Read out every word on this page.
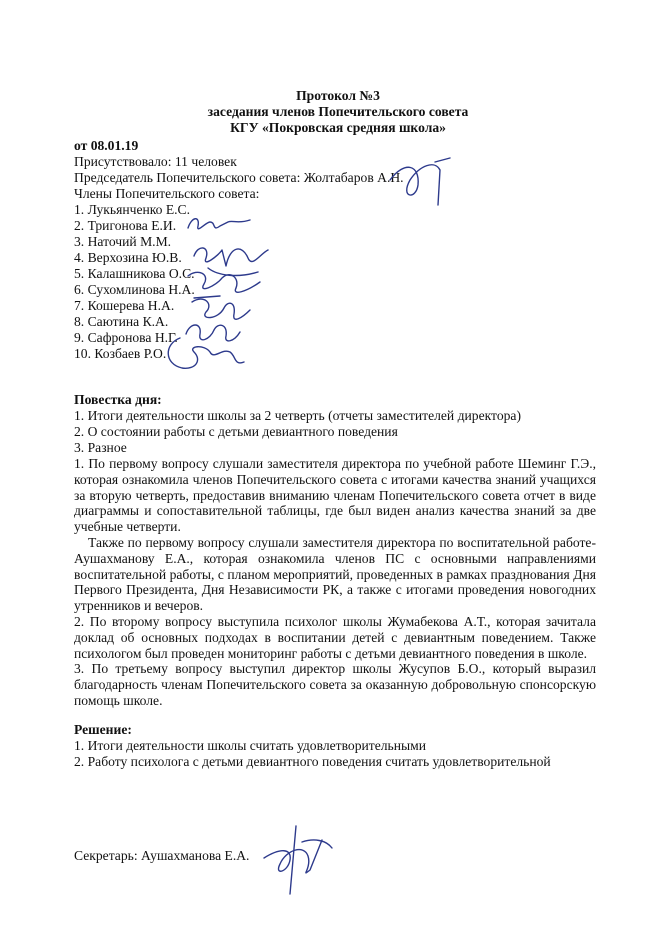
Протокол №3
заседания членов Попечительского совета
КГУ «Покровская средняя школа»
от 08.01.19
Присутствовало: 11 человек
Председатель Попечительского совета: Жолтабаров А.Н.
Члены Попечительского совета:
1. Лукьянченко Е.С.
2. Тригонова Е.И.
3. Наточий М.М.
4. Верхозина Ю.В.
5. Калашникова О.С.
6. Сухомлинова Н.А.
7. Кошерева Н.А.
8. Саютина К.А.
9. Сафронова Н.Г.
10. Козбаев Р.О.
Повестка дня:
1. Итоги деятельности школы за 2 четверть (отчеты заместителей директора)
2. О состоянии работы с детьми девиантного поведения
3. Разное

1. По первому вопросу слушали заместителя директора по учебной работе Шеминг Г.Э., которая ознакомила членов Попечительского совета с итогами качества знаний учащихся за вторую четверть, предоставив вниманию членам Попечительского совета отчет в виде диаграммы и сопоставительной таблицы, где был виден анализ качества знаний за две учебные четверти.

Также по первому вопросу слушали заместителя директора по воспитательной работе- Аушахманову Е.А., которая ознакомила членов ПС с основными направлениями воспитательной работы, с планом мероприятий, проведенных в рамках празднования Дня Первого Президента, Дня Независимости РК, а также с итогами проведения новогодних утренников и вечеров.

2. По второму вопросу выступила психолог школы Жумабекова А.Т., которая зачитала доклад об основных подходах в воспитании детей с девиантным поведением. Также психологом был проведен мониторинг работы с детьми девиантного поведения в школе.

3. По третьему вопросу выступил директор школы Жусупов Б.О., который выразил благодарность членам Попечительского совета за оказанную добровольную спонсорскую помощь школе.

Решение:
1. Итоги деятельности школы считать удовлетворительными
2. Работу психолога с детьми девиантного поведения считать удовлетворительной
Секретарь: Аушахманова Е.А.
